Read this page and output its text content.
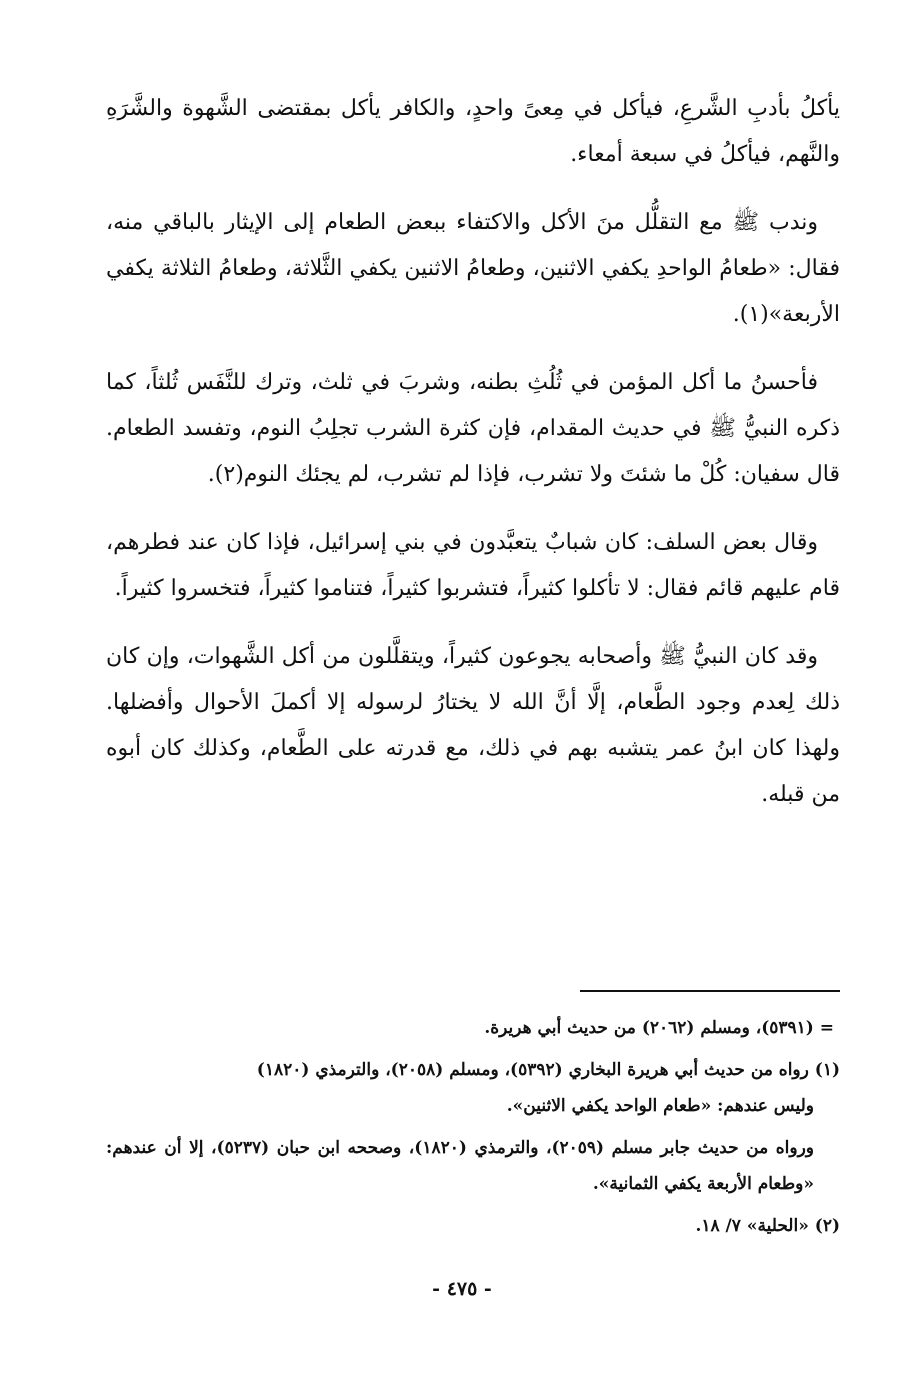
يأكلُ بأدبِ الشَّرعِ، فيأكل في مِعىً واحدٍ، والكافر يأكل بمقتضى الشَّهوة والشَّرَهِ والنَّهم، فيأكلُ في سبعة أمعاء.

وندب ﷺ مع التقلُّل منَ الأكل والاكتفاء ببعض الطعام إلى الإيثار بالباقي منه، فقال: «طعامُ الواحدِ يكفي الاثنين، وطعامُ الاثنين يكفي الثَّلاثة، وطعامُ الثلاثة يكفي الأربعة»(١).

فأحسنُ ما أكل المؤمن في ثُلُثِ بطنه، وشربَ في ثلث، وترك للنَّفَس ثُلثاً، كما ذكره النبيُّ ﷺ في حديث المقدام، فإن كثرة الشرب تجلِبُ النوم، وتفسد الطعام. قال سفيان: كُلْ ما شئتَ ولا تشرب، فإذا لم تشرب، لم يجئك النوم(٢).

وقال بعض السلف: كان شبابٌ يتعبَّدون في بني إسرائيل، فإذا كان عند فطرهم، قام عليهم قائم فقال: لا تأكلوا كثيراً، فتشربوا كثيراً، فتناموا كثيراً، فتخسروا كثيراً.

وقد كان النبيُّ ﷺ وأصحابه يجوعون كثيراً، ويتقلَّلون من أكل الشَّهوات، وإن كان ذلك لِعدم وجود الطَّعام، إلَّا أنَّ الله لا يختارُ لرسوله إلا أكملَ الأحوال وأفضلها. ولهذا كان ابنُ عمر يتشبه بهم في ذلك، مع قدرته على الطَّعام، وكذلك كان أبوه من قبله.

= (٥٣٩١)، ومسلم (٢٠٦٢) من حديث أبي هريرة.

(١) رواه من حديث أبي هريرة البخاري (٥٣٩٢)، ومسلم (٢٠٥٨)، والترمذي (١٨٢٠)

وليس عندهم: «طعام الواحد يكفي الاثنين».

ورواه من حديث جابر مسلم (٢٠٥٩)، والترمذي (١٨٢٠)، وصححه ابن حبان (٥٢٣٧)، إلا أن عندهم: «وطعام الأربعة يكفي الثمانية».

(٢) «الحلية» ٧/ ١٨.

- ٤٧٥ -
